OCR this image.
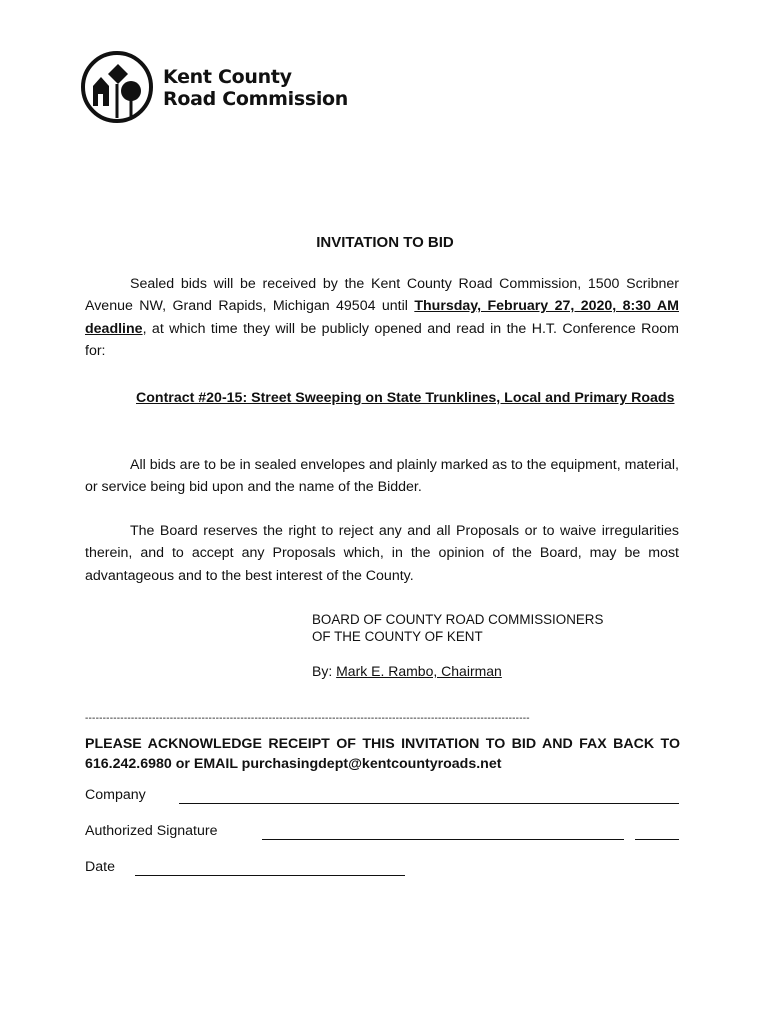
Kent County
Road Commission
INVITATION TO BID
Sealed bids will be received by the Kent County Road Commission, 1500 Scribner Avenue NW, Grand Rapids, Michigan 49504 until Thursday, February 27, 2020, 8:30 AM deadline, at which time they will be publicly opened and read in the H.T. Conference Room for:
Contract #20-15: Street Sweeping on State Trunklines, Local and Primary Roads
All bids are to be in sealed envelopes and plainly marked as to the equipment, material, or service being bid upon and the name of the Bidder.
The Board reserves the right to reject any and all Proposals or to waive irregularities therein, and to accept any Proposals which, in the opinion of the Board, may be most advantageous and to the best interest of the County.
BOARD OF COUNTY ROAD COMMISSIONERS
OF THE COUNTY OF KENT
By: Mark E. Rambo, Chairman
------------------------------------------------------------------------------------------------------------------------------
PLEASE ACKNOWLEDGE RECEIPT OF THIS INVITATION TO BID AND FAX BACK TO 616.242.6980 or EMAIL purchasingdept@kentcountyroads.net
Company
Authorized Signature
Date
